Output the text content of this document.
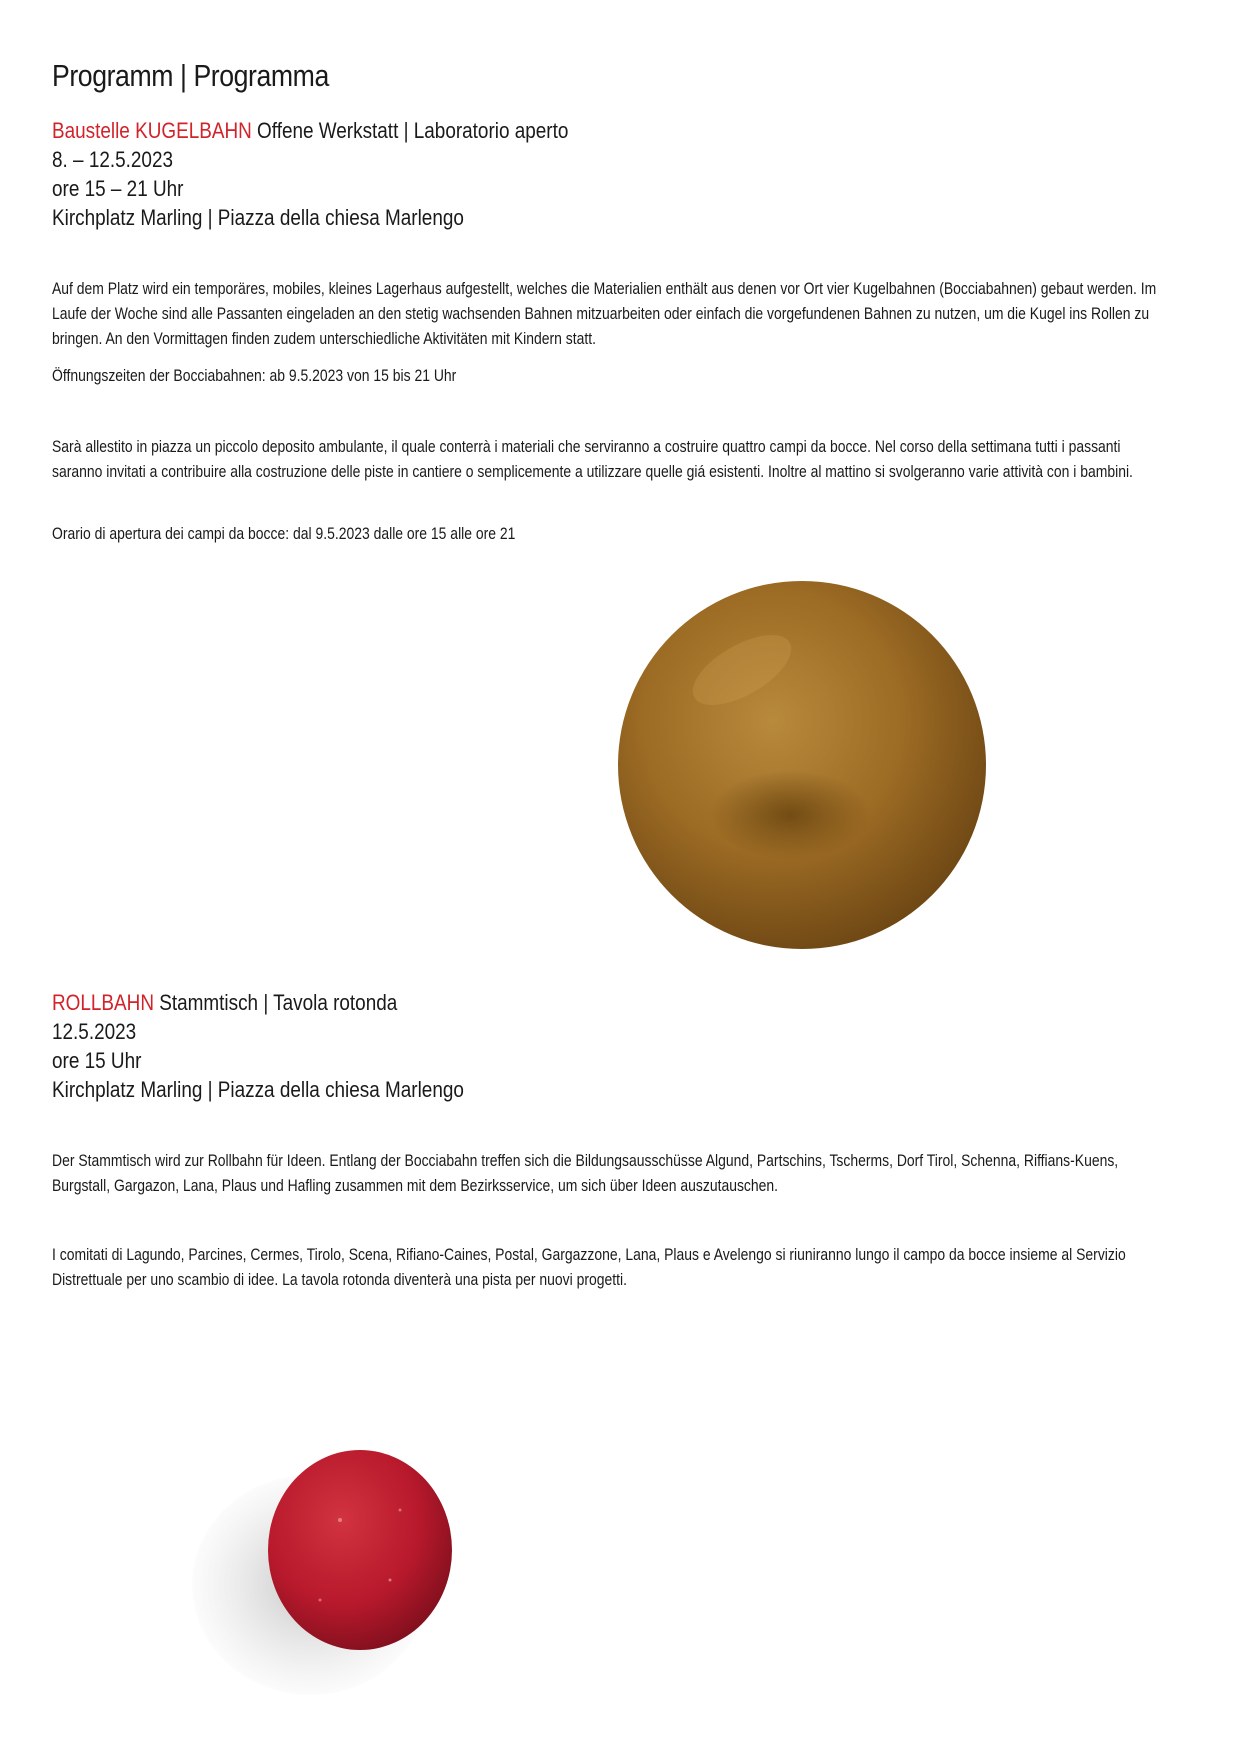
Programm | Programma
Baustelle KUGELBAHN Offene Werkstatt | Laboratorio aperto
8. – 12.5.2023
ore 15 – 21 Uhr
Kirchplatz Marling | Piazza della chiesa Marlengo

Auf dem Platz wird ein temporäres, mobiles, kleines Lagerhaus aufgestellt, welches die Materialien enthält aus denen vor Ort vier Kugelbahnen (Bocciabahnen) gebaut werden. Im Laufe der Woche sind alle Passanten eingeladen an den stetig wachsenden Bahnen mitzuarbeiten oder einfach die vorgefundenen Bahnen zu nutzen, um die Kugel ins Rollen zu bringen. An den Vormittagen finden zudem unterschiedliche Aktivitäten mit Kindern statt.

Öffnungszeiten der Bocciabahnen: ab 9.5.2023 von 15 bis 21 Uhr

Sarà allestito in piazza un piccolo deposito ambulante, il quale conterrà i materiali che serviranno a costruire quattro campi da bocce. Nel corso della settimana tutti i passanti saranno invitati a contribuire alla costruzione delle piste in cantiere o semplicemente a utilizzare quelle giá esistenti. Inoltre al mattino si svolgeranno varie attività con i bambini.

Orario di apertura dei campi da bocce: dal 9.5.2023 dalle ore 15 alle ore 21

ROLLBAHN Stammtisch | Tavola rotonda
12.5.2023
ore 15 Uhr
Kirchplatz Marling | Piazza della chiesa Marlengo

Der Stammtisch wird zur Rollbahn für Ideen. Entlang der Bocciabahn treffen sich die Bildungsausschüsse Algund, Partschins, Tscherms, Dorf Tirol, Schenna, Riffians-Kuens, Burgstall, Gargazon, Lana, Plaus und Hafling zusammen mit dem Bezirksservice, um sich über Ideen auszutauschen.

I comitati di Lagundo, Parcines, Cermes, Tirolo, Scena, Rifiano-Caines, Postal, Gargazzone, Lana, Plaus e Avelengo si riuniranno lungo il campo da bocce insieme al Servizio Distrettuale per uno scambio di idee. La tavola rotonda diventerà una pista per nuovi progetti.
